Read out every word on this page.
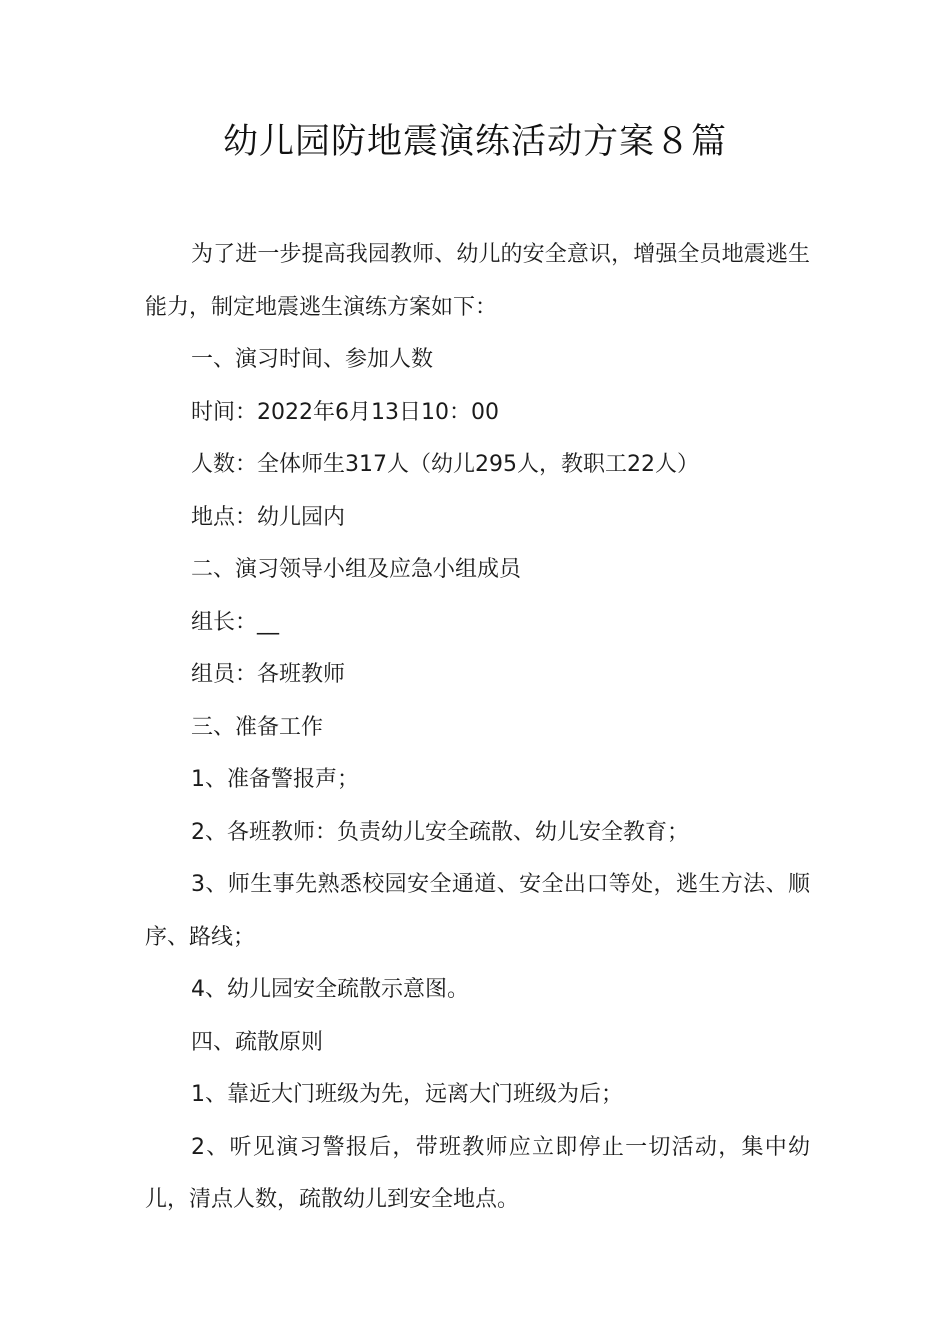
幼儿园防地震演练活动方案８篇

为了进一步提高我园教师、幼儿的安全意识，增强全员地震逃生能力，制定地震逃生演练方案如下：

一、演习时间、参加人数

时间：2022年6月13日10：00

人数：全体师生317人（幼儿295人，教职工22人）

地点：幼儿园内

二、演习领导小组及应急小组成员

组长：__

组员：各班教师

三、准备工作

1、准备警报声；

2、各班教师：负责幼儿安全疏散、幼儿安全教育；

3、师生事先熟悉校园安全通道、安全出口等处，逃生方法、顺序、路线；

4、幼儿园安全疏散示意图。

四、疏散原则

1、靠近大门班级为先，远离大门班级为后；

2、听见演习警报后，带班教师应立即停止一切活动，集中幼儿，清点人数，疏散幼儿到安全地点。
